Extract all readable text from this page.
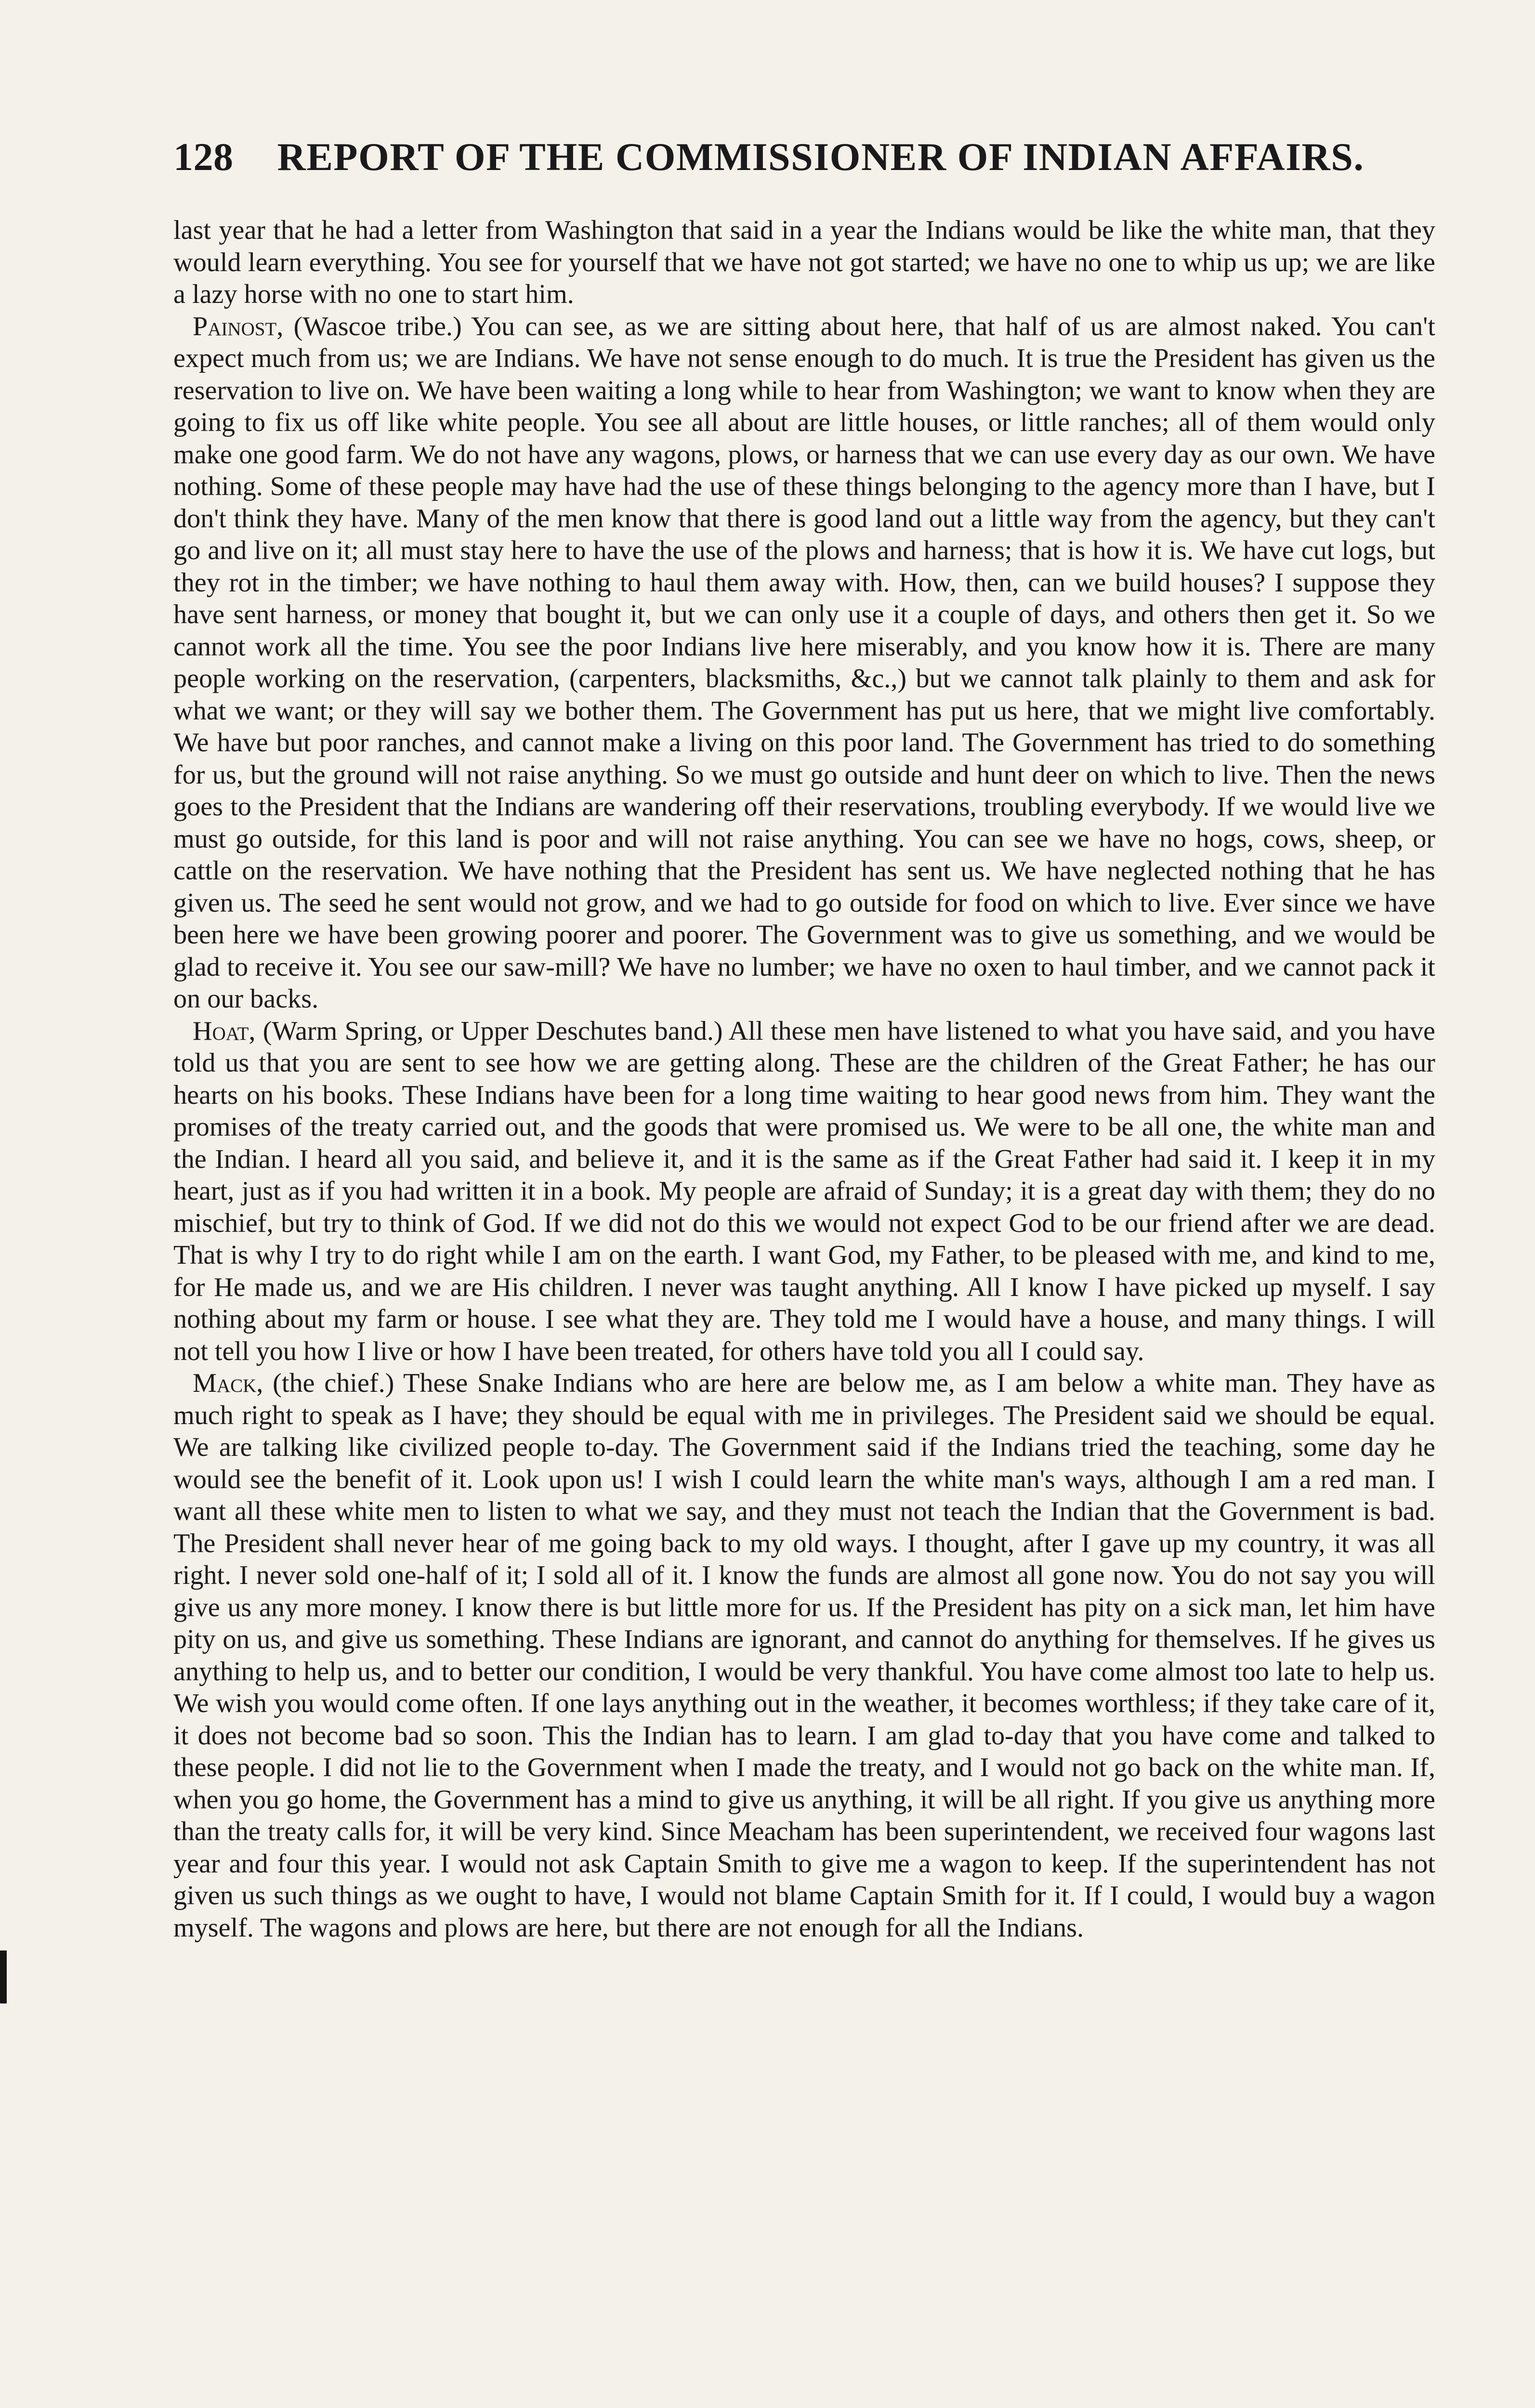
128 REPORT OF THE COMMISSIONER OF INDIAN AFFAIRS.

last year that he had a letter from Washington that said in a year the Indians would be like the white man, that they would learn everything. You see for yourself that we have not got started; we have no one to whip us up; we are like a lazy horse with no one to start him.

Painost, (Wascoe tribe.) You can see, as we are sitting about here, that half of us are almost naked. You can't expect much from us; we are Indians. We have not sense enough to do much. It is true the President has given us the reservation to live on. We have been waiting a long while to hear from Washington; we want to know when they are going to fix us off like white people. You see all about are little houses, or little ranches; all of them would only make one good farm. We do not have any wagons, plows, or harness that we can use every day as our own. We have nothing. Some of these people may have had the use of these things belonging to the agency more than I have, but I don't think they have. Many of the men know that there is good land out a little way from the agency, but they can't go and live on it; all must stay here to have the use of the plows and harness; that is how it is. We have cut logs, but they rot in the timber; we have nothing to haul them away with. How, then, can we build houses? I suppose they have sent harness, or money that bought it, but we can only use it a couple of days, and others then get it. So we cannot work all the time. You see the poor Indians live here miserably, and you know how it is. There are many people working on the reservation, (carpenters, blacksmiths, &c.,) but we cannot talk plainly to them and ask for what we want; or they will say we bother them. The Government has put us here, that we might live comfortably. We have but poor ranches, and cannot make a living on this poor land. The Government has tried to do something for us, but the ground will not raise anything. So we must go outside and hunt deer on which to live. Then the news goes to the President that the Indians are wandering off their reservations, troubling everybody. If we would live we must go outside, for this land is poor and will not raise anything. You can see we have no hogs, cows, sheep, or cattle on the reservation. We have nothing that the President has sent us. We have neglected nothing that he has given us. The seed he sent would not grow, and we had to go outside for food on which to live. Ever since we have been here we have been growing poorer and poorer. The Government was to give us something, and we would be glad to receive it. You see our saw-mill? We have no lumber; we have no oxen to haul timber, and we cannot pack it on our backs.

Hoat, (Warm Spring, or Upper Deschutes band.) All these men have listened to what you have said, and you have told us that you are sent to see how we are getting along. These are the children of the Great Father; he has our hearts on his books. These Indians have been for a long time waiting to hear good news from him. They want the promises of the treaty carried out, and the goods that were promised us. We were to be all one, the white man and the Indian. I heard all you said, and believe it, and it is the same as if the Great Father had said it. I keep it in my heart, just as if you had written it in a book. My people are afraid of Sunday; it is a great day with them; they do no mischief, but try to think of God. If we did not do this we would not expect God to be our friend after we are dead. That is why I try to do right while I am on the earth. I want God, my Father, to be pleased with me, and kind to me, for He made us, and we are His children. I never was taught anything. All I know I have picked up myself. I say nothing about my farm or house. I see what they are. They told me I would have a house, and many things. I will not tell you how I live or how I have been treated, for others have told you all I could say.

Mack, (the chief.) These Snake Indians who are here are below me, as I am below a white man. They have as much right to speak as I have; they should be equal with me in privileges. The President said we should be equal. We are talking like civilized people to-day. The Government said if the Indians tried the teaching, some day he would see the benefit of it. Look upon us! I wish I could learn the white man's ways, although I am a red man. I want all these white men to listen to what we say, and they must not teach the Indian that the Government is bad. The President shall never hear of me going back to my old ways. I thought, after I gave up my country, it was all right. I never sold one-half of it; I sold all of it. I know the funds are almost all gone now. You do not say you will give us any more money. I know there is but little more for us. If the President has pity on a sick man, let him have pity on us, and give us something. These Indians are ignorant, and cannot do anything for themselves. If he gives us anything to help us, and to better our condition, I would be very thankful. You have come almost too late to help us. We wish you would come often. If one lays anything out in the weather, it becomes worthless; if they take care of it, it does not become bad so soon. This the Indian has to learn. I am glad to-day that you have come and talked to these people. I did not lie to the Government when I made the treaty, and I would not go back on the white man. If, when you go home, the Government has a mind to give us anything, it will be all right. If you give us anything more than the treaty calls for, it will be very kind. Since Meacham has been superintendent, we received four wagons last year and four this year. I would not ask Captain Smith to give me a wagon to keep. If the superintendent has not given us such things as we ought to have, I would not blame Captain Smith for it. If I could, I would buy a wagon myself. The wagons and plows are here, but there are not enough for all the Indians.
